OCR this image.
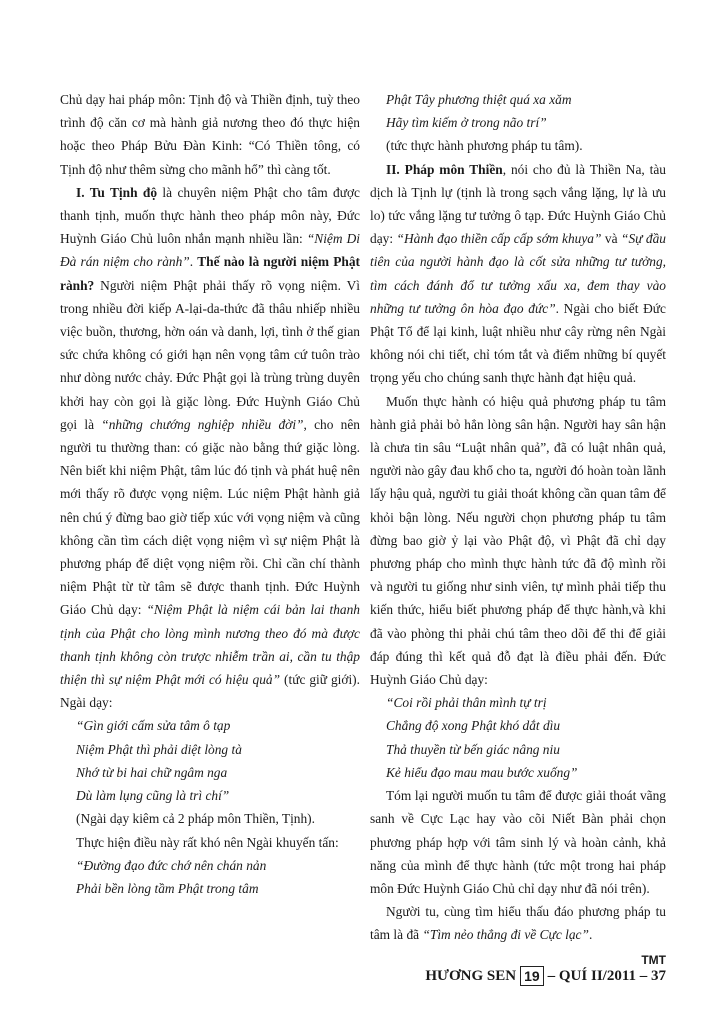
Chủ dạy hai pháp môn: Tịnh độ và Thiền định, tuỳ theo trình độ căn cơ mà hành giả nương theo đó thực hiện hoặc theo Pháp Bửu Đàn Kinh: “Có Thiền tông, có Tịnh độ như thêm sừng cho mãnh hổ” thì càng tốt.

I. Tu Tịnh độ là chuyên niệm Phật cho tâm được thanh tịnh, muốn thực hành theo pháp môn này, Đức Huỳnh Giáo Chủ luôn nhắn mạnh nhiều lần: “Niệm Di Đà rán niệm cho rành”. Thế nào là người niệm Phật rành? Người niệm Phật phải thấy rõ vọng niệm. Vì trong nhiều đời kiếp A-lại-da-thức đã thâu nhiếp nhiều việc buồn, thương, hờn oán và danh, lợi, tình ở thế gian sức chứa không có giới hạn nên vọng tâm cứ tuôn trào như dòng nước chảy. Đức Phật gọi là trùng trùng duyên khởi hay còn gọi là giặc lòng. Đức Huỳnh Giáo Chủ gọi là “những chướng nghiệp nhiều đời”, cho nên người tu thường than: có giặc nào bằng thứ giặc lòng. Nên biết khi niệm Phật, tâm lúc đó tịnh và phát huệ nên mới thấy rõ được vọng niệm. Lúc niệm Phật hành giả nên chú ý đừng bao giờ tiếp xúc với vọng niệm và cũng không cần tìm cách diệt vọng niệm vì sự niệm Phật là phương pháp để diệt vọng niệm rồi. Chỉ cần chí thành niệm Phật từ từ tâm sẽ được thanh tịnh. Đức Huỳnh Giáo Chủ dạy: “Niệm Phật là niệm cái bản lai thanh tịnh của Phật cho lòng mình nương theo đó mà được thanh tịnh không còn trược nhiễm trần ai, cần tu thập thiện thì sự niệm Phật mới có hiệu quả” (tức giữ giới). Ngài dạy:

“Gìn giới cấm sửa tâm ô tạp

Niệm Phật thì phải diệt lòng tà

Nhớ từ bi hai chữ ngâm nga

Dù làm lụng cũng là trì chí”

(Ngài dạy kiêm cả 2 pháp môn Thiền, Tịnh).

Thực hiện điều này rất khó nên Ngài khuyến tấn:

“Đường đạo đức chớ nên chán nản

Phải bền lòng tầm Phật trong tâm

Phật Tây phương thiệt quá xa xăm

Hãy tìm kiếm ở trong não trí”

(tức thực hành phương pháp tu tâm).

II. Pháp môn Thiền, nói cho đủ là Thiền Na, tàu dịch là Tịnh lự (tịnh là trong sạch vắng lặng, lự là ưu lo) tức vắng lặng tư tưởng ô tạp. Đức Huỳnh Giáo Chủ dạy: “Hành đạo thiền cấp cấp sớm khuya” và “Sự đầu tiên của người hành đạo là cốt sửa những tư tưởng, tìm cách đánh đổ tư tưởng xấu xa, đem thay vào những tư tưởng ôn hòa đạo đức”. Ngài cho biết Đức Phật Tổ để lại kinh, luật nhiều như cây rừng nên Ngài không nói chi tiết, chỉ tóm tắt và điểm những bí quyết trọng yếu cho chúng sanh thực hành đạt hiệu quả.

Muốn thực hành có hiệu quả phương pháp tu tâm hành giả phải bỏ hẳn lòng sân hận. Người hay sân hận là chưa tin sâu “Luật nhân quả”, đã có luật nhân quả, người nào gây đau khổ cho ta, người đó hoàn toàn lãnh lấy hậu quả, người tu giải thoát không cần quan tâm để khỏi bận lòng. Nếu người chọn phương pháp tu tâm đừng bao giờ ỷ lại vào Phật độ, vì Phật đã chỉ dạy phương pháp cho mình thực hành tức đã độ mình rồi và người tu giống như sinh viên, tự mình phải tiếp thu kiến thức, hiểu biết phương pháp để thực hành,và khi đã vào phòng thi phải chú tâm theo dõi để thi để giải đáp đúng thì kết quả đỗ đạt là điều phải đến. Đức Huỳnh Giáo Chủ dạy:

“Coi rồi phải thân mình tự trị

Chẳng độ xong Phật khó dắt dìu

Thả thuyền từ bến giác nâng niu

Kẻ hiểu đạo mau mau bước xuống”

Tóm lại người muốn tu tâm để được giải thoát vãng sanh về Cực Lạc hay vào cõi Niết Bàn phải chọn phương pháp hợp với tâm sinh lý và hoàn cảnh, khả năng của mình để thực hành (tức một trong hai pháp môn Đức Huỳnh Giáo Chủ chỉ dạy như đã nói trên).

Người tu, cùng tìm hiểu thấu đáo phương pháp tu tâm là đã “Tìm nẻo thẳng đi về Cực lạc”.

TMT
HƯƠNG SEN 19 – QUÍ II/2011 – 37
